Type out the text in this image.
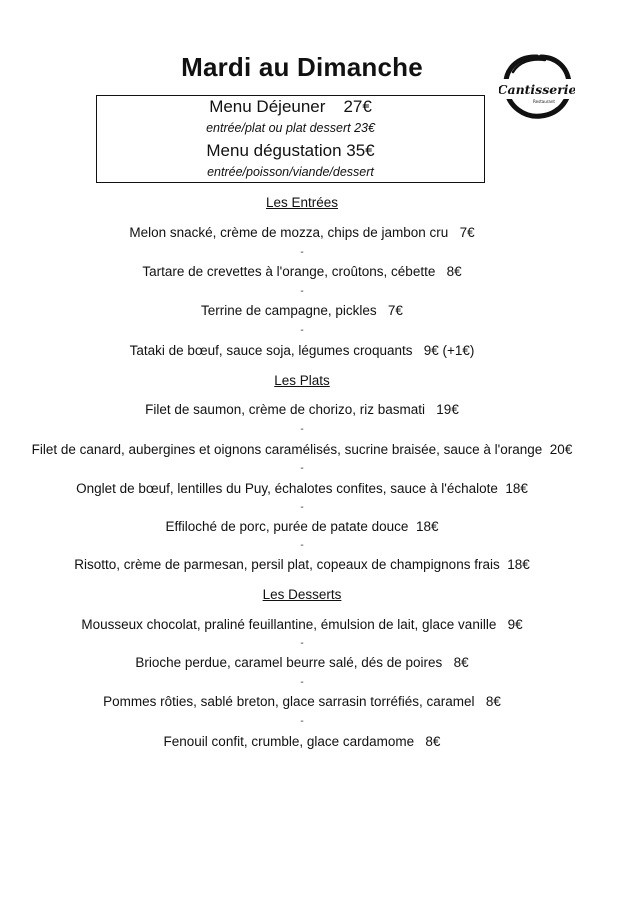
Mardi au Dimanche
Cantisserie
Restaurant
Menu Déjeuner 27€
entrée/plat ou plat dessert 23€
Menu dégustation 35€
entrée/poisson/viande/dessert
Les Entrées
Melon snacké, crème de mozza, chips de jambon cru 7€
-
Tartare de crevettes à l'orange, croûtons, cébette 8€
-
Terrine de campagne, pickles 7€
-
Tataki de bœuf, sauce soja, légumes croquants 9€ (+1€)
Les Plats
Filet de saumon, crème de chorizo, riz basmati 19€
-
Filet de canard, aubergines et oignons caramélisés, sucrine braisée, sauce à l'orange 20€
-
Onglet de bœuf, lentilles du Puy, échalotes confites, sauce à l'échalote 18€
-
Effiloché de porc, purée de patate douce 18€
-
Risotto, crème de parmesan, persil plat, copeaux de champignons frais 18€
Les Desserts
Mousseux chocolat, praliné feuillantine, émulsion de lait, glace vanille 9€
-
Brioche perdue, caramel beurre salé, dés de poires 8€
-
Pommes rôties, sablé breton, glace sarrasin torréfiés, caramel 8€
-
Fenouil confit, crumble, glace cardamome 8€
